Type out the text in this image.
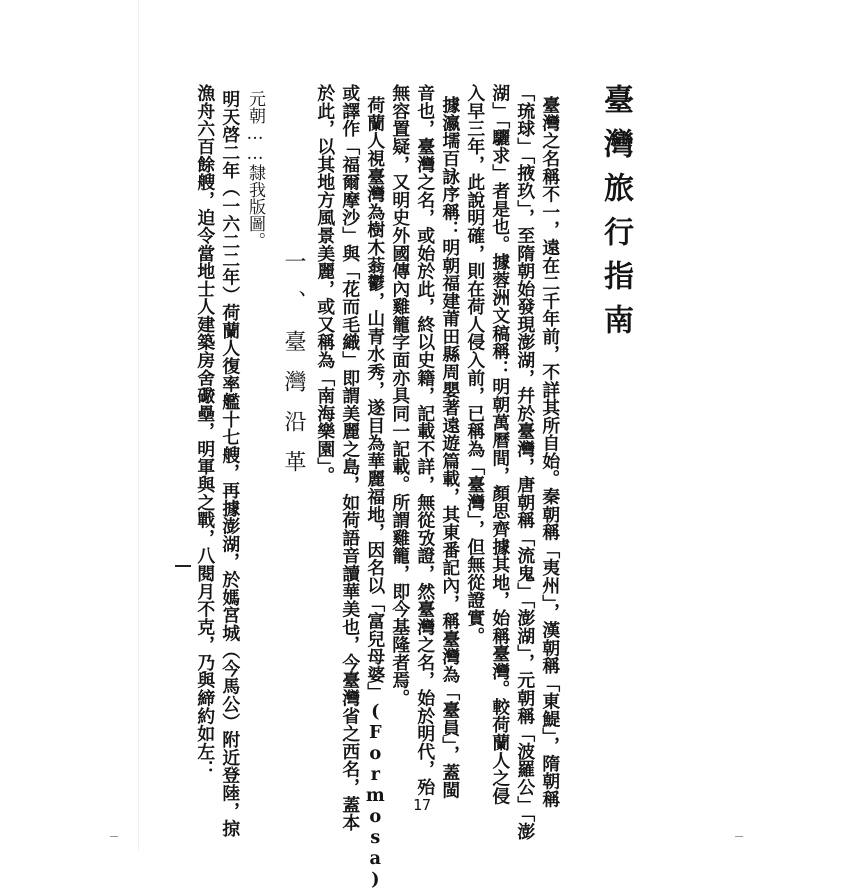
臺灣旅行指南
臺灣之名稱不一，遠在二千年前，不詳其所自始。秦朝稱「夷州」，漢朝稱「東鯷」，隋朝稱
「琉球」「掖玖」，至隋朝始發現澎湖，幷於臺灣，唐朝稱「流鬼」「澎湖」，元朝稱「波羅公」「澎
湖」「驪求」者是也。據蓉洲文稿稱：明朝萬曆間，顏思齊據其地，始稱臺灣。較荷蘭人之侵
入早三年，此說明確，則在荷人侵入前，已稱為「臺灣」，但無從證實。
據瀛壖百詠序稱：明朝福建莆田縣周嬰著遠遊篇載，其東番記內，稱臺灣為「臺員」，蓋閩
音也，臺灣之名，或始於此，終以史籍，記載不詳，無從攷證，然臺灣之名，始於明代，殆
無容置疑，又明史外國傳內雞籠字面亦具同一記載。所謂雞籠，即今基隆者焉。
荷蘭人視臺灣為樹木蓊鬱，山青水秀，遂目為華麗福地，因名以「富兒母婆」(Formosa)
或譯作「福爾摩沙」與「花而毛織」即謂美麗之島，如荷語音讀華美也，今臺灣省之西名，蓋本
於此，以其地方風景美麗，或又稱為「南海樂園」。
一、臺灣沿革
元朝……隸我版圖。
明天啓二年（一六二二年）荷蘭人復率艦十七艘，再據澎湖，於媽宮城（今馬公）附近登陸，掠
漁舟六百餘艘，迫令當地士人建築房舍礮壘，明軍與之戰，八閱月不克，乃與締約如左：
17
